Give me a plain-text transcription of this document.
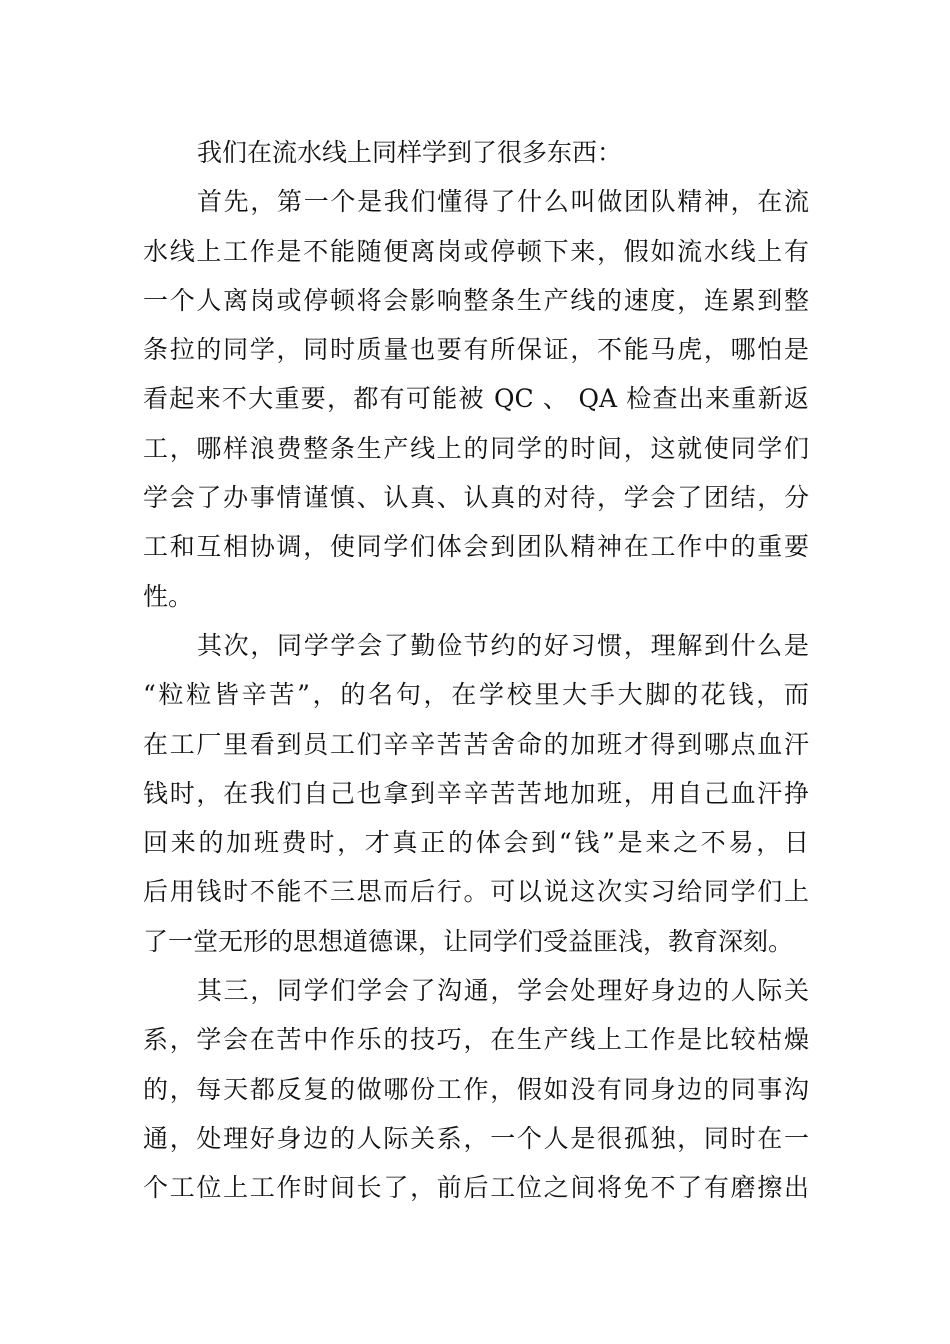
我们在流水线上同样学到了很多东西：
首先，第一个是我们懂得了什么叫做团队精神，在流
水线上工作是不能随便离岗或停顿下来，假如流水线上有
一个人离岗或停顿将会影响整条生产线的速度，连累到整
条拉的同学，同时质量也要有所保证，不能马虎，哪怕是
看起来不大重要，都有可能被 QC 、 QA 检查出来重新返
工，哪样浪费整条生产线上的同学的时间，这就使同学们
学会了办事情谨慎、认真、认真的对待，学会了团结，分
工和互相协调，使同学们体会到团队精神在工作中的重要
性。
其次，同学学会了勤俭节约的好习惯，理解到什么是
“粒粒皆辛苦”，的名句，在学校里大手大脚的花钱，而
在工厂里看到员工们辛辛苦苦舍命的加班才得到哪点血汗
钱时，在我们自己也拿到辛辛苦苦地加班，用自己血汗挣
回来的加班费时，才真正的体会到“钱”是来之不易，日
后用钱时不能不三思而后行。可以说这次实习给同学们上
了一堂无形的思想道德课，让同学们受益匪浅，教育深刻。
其三，同学们学会了沟通，学会处理好身边的人际关
系，学会在苦中作乐的技巧，在生产线上工作是比较枯燥
的，每天都反复的做哪份工作，假如没有同身边的同事沟
通，处理好身边的人际关系，一个人是很孤独，同时在一
个工位上工作时间长了，前后工位之间将免不了有磨擦出
